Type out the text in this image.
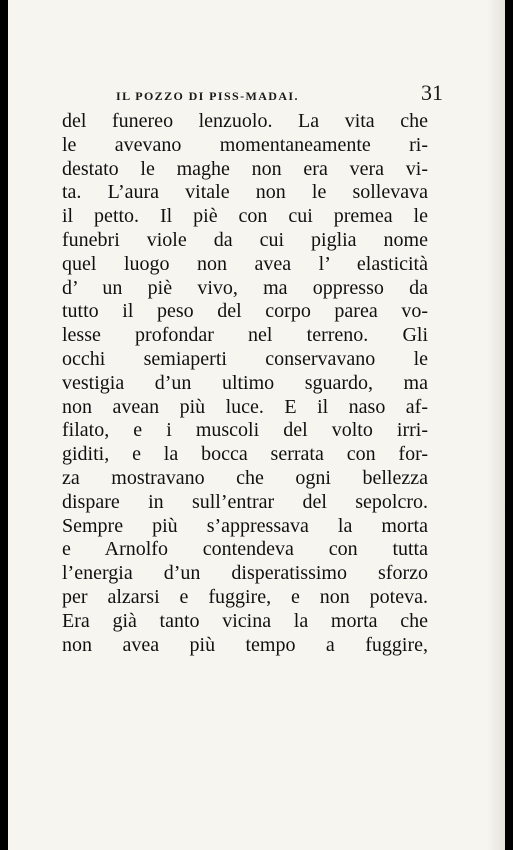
IL POZZO DI PISS-MADAI.	31
del funereo lenzuolo. La vita che
le avevano momentaneamente ri-
destato le maghe non era vera vi-
ta. L’aura vitale non le sollevava
il petto. Il piè con cui premea le
funebri viole da cui piglia nome
quel luogo non avea l’ elasticità
d’ un piè vivo, ma oppresso da
tutto il peso del corpo parea vo-
lesse profondar nel terreno. Gli
occhi semiaperti conservavano le
vestigia d’un ultimo sguardo, ma
non avean più luce. E il naso af-
filato, e i muscoli del volto irri-
giditi, e la bocca serrata con for-
za mostravano che ogni bellezza
dispare in sull’entrar del sepolcro.
Sempre più s’appressava la morta
e Arnolfo contendeva con tutta
l’energia d’un disperatissimo sforzo
per alzarsi e fuggire, e non poteva.
Era già tanto vicina la morta che
non avea più tempo a fuggire,
